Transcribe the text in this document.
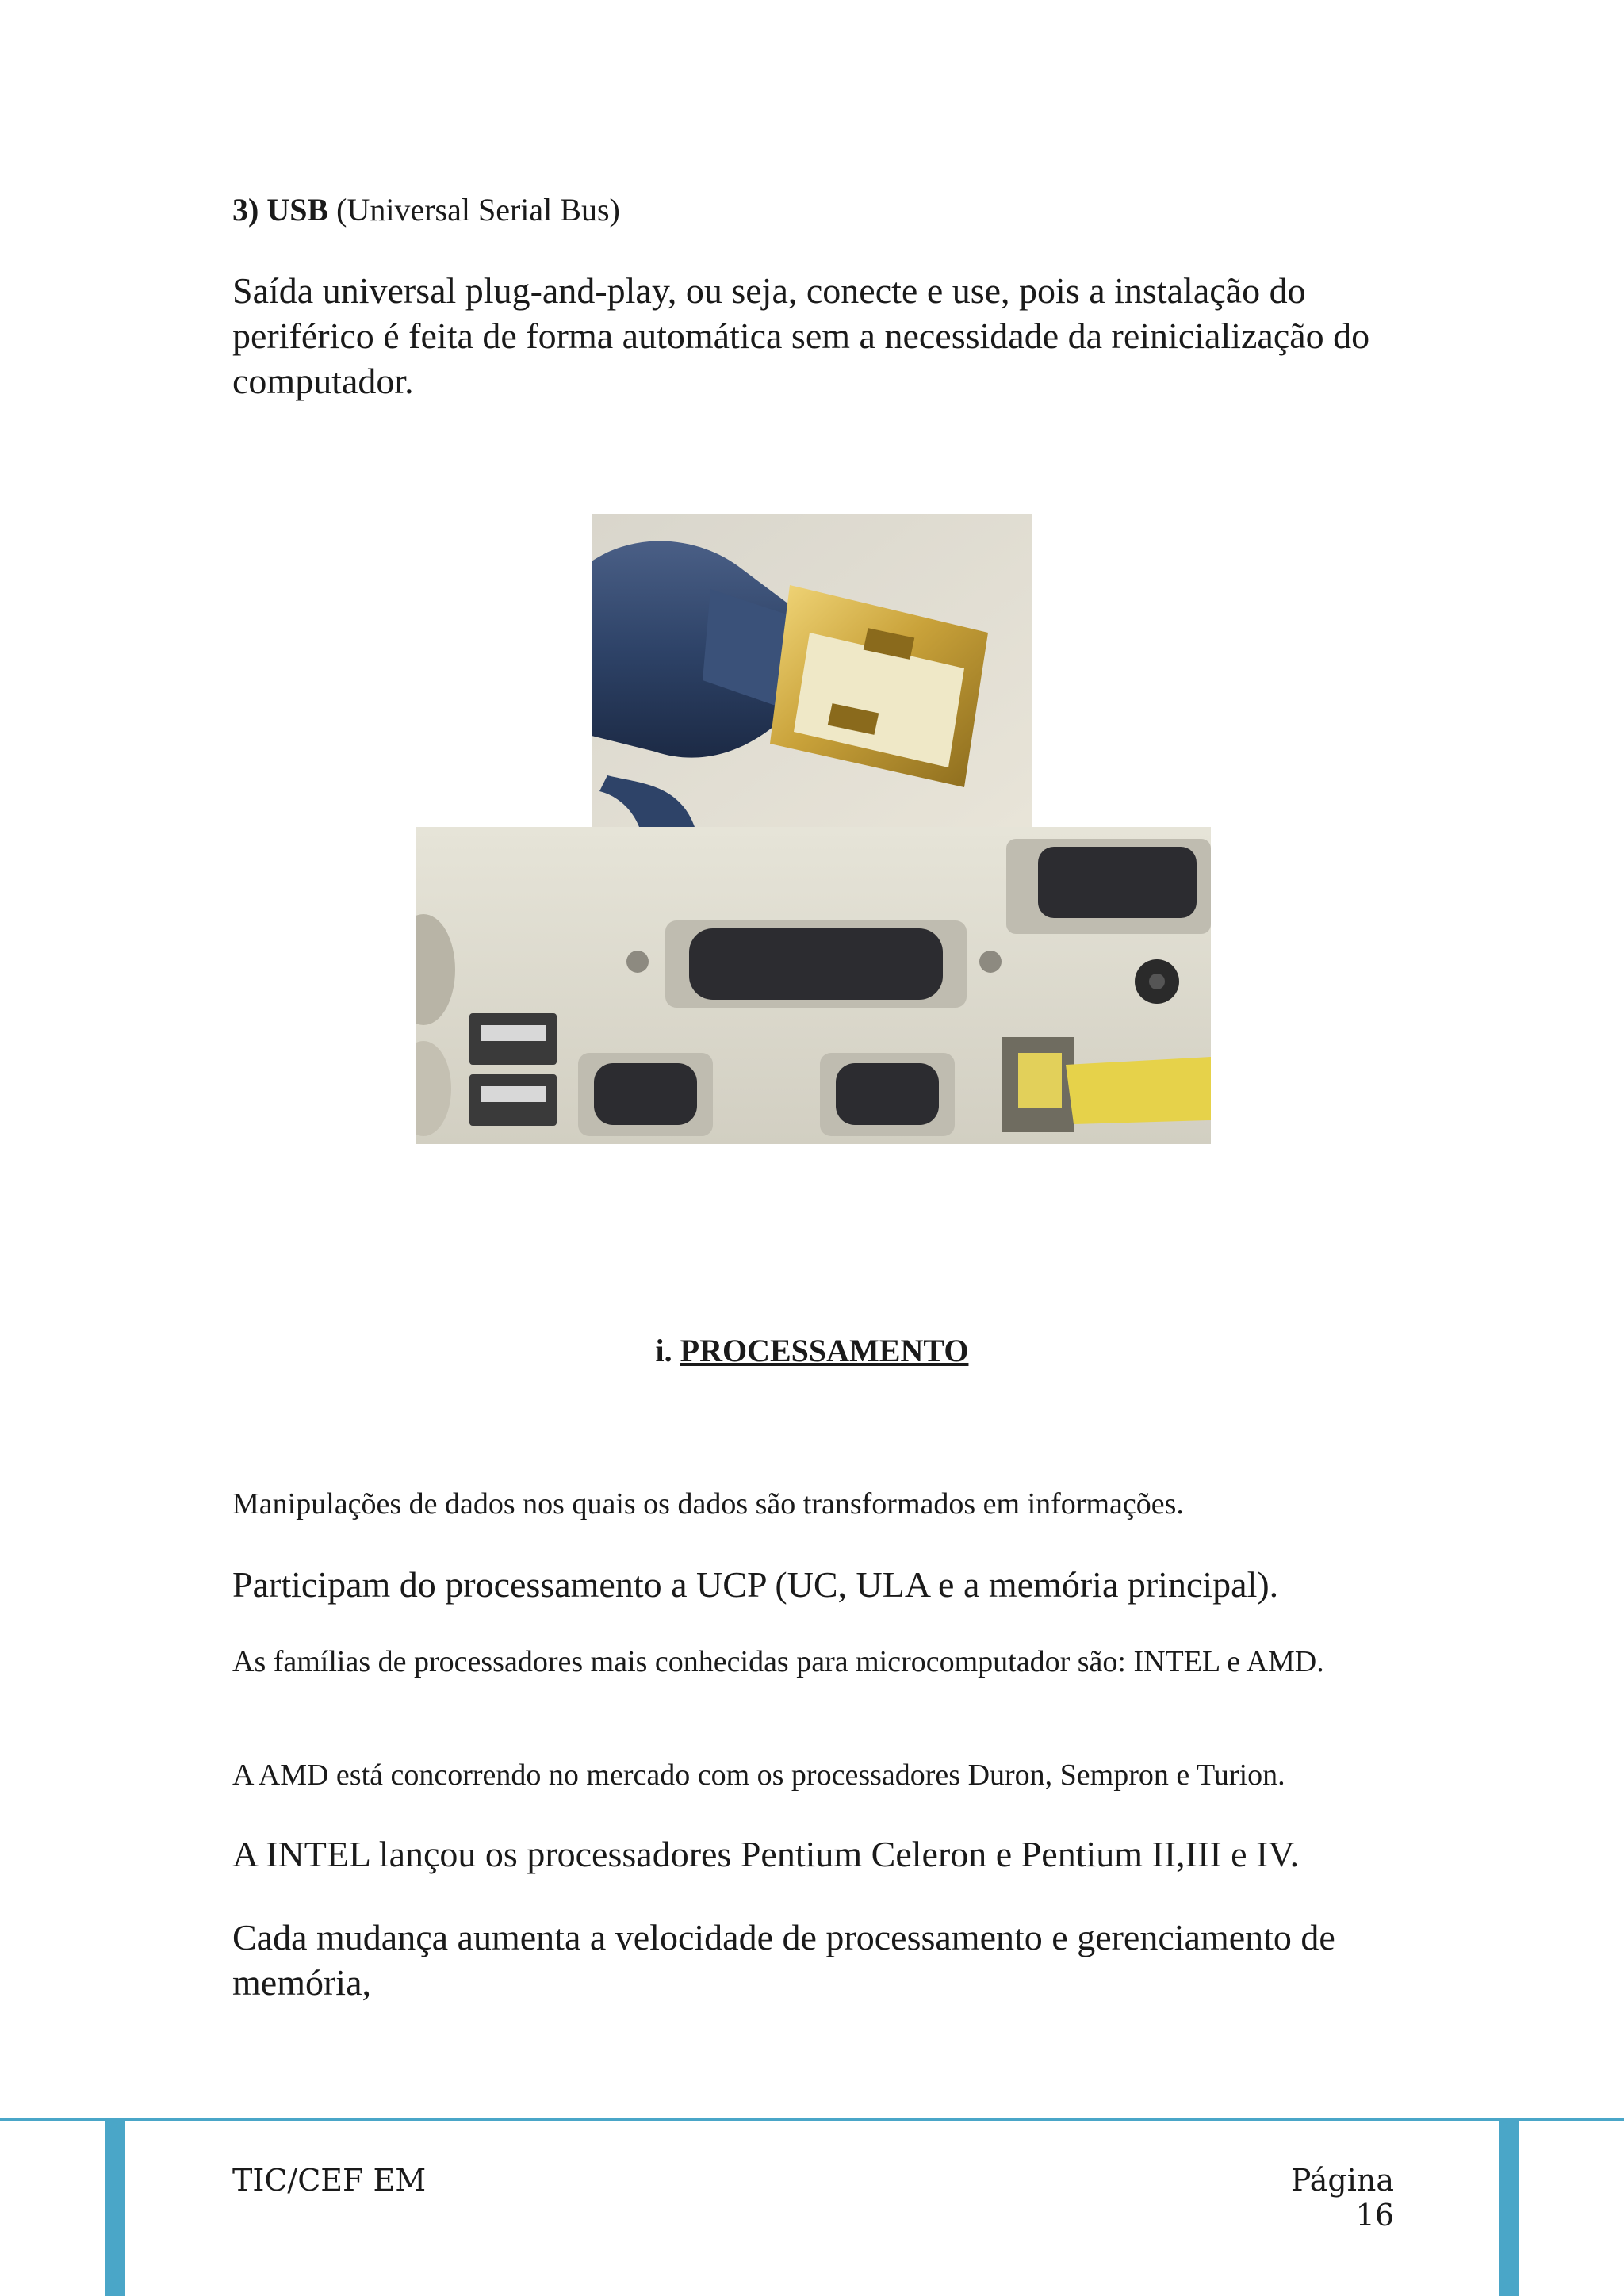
3) USB (Universal Serial Bus)

Saída universal plug-and-play, ou seja, conecte e use, pois a instalação do periférico é feita de forma automática sem a necessidade da reinicialização do computador.

i. PROCESSAMENTO

Manipulações de dados nos quais os dados são transformados em informações.

Participam do processamento a UCP (UC, ULA e a memória principal).

As famílias de processadores mais conhecidas para microcomputador são: INTEL e AMD.

A AMD está concorrendo no mercado com os processadores Duron, Sempron e Turion.

A INTEL lançou os processadores Pentium Celeron e Pentium II,III e IV.

Cada mudança aumenta a velocidade de processamento e gerenciamento de memória,

TIC/CEF EM	Página 16
